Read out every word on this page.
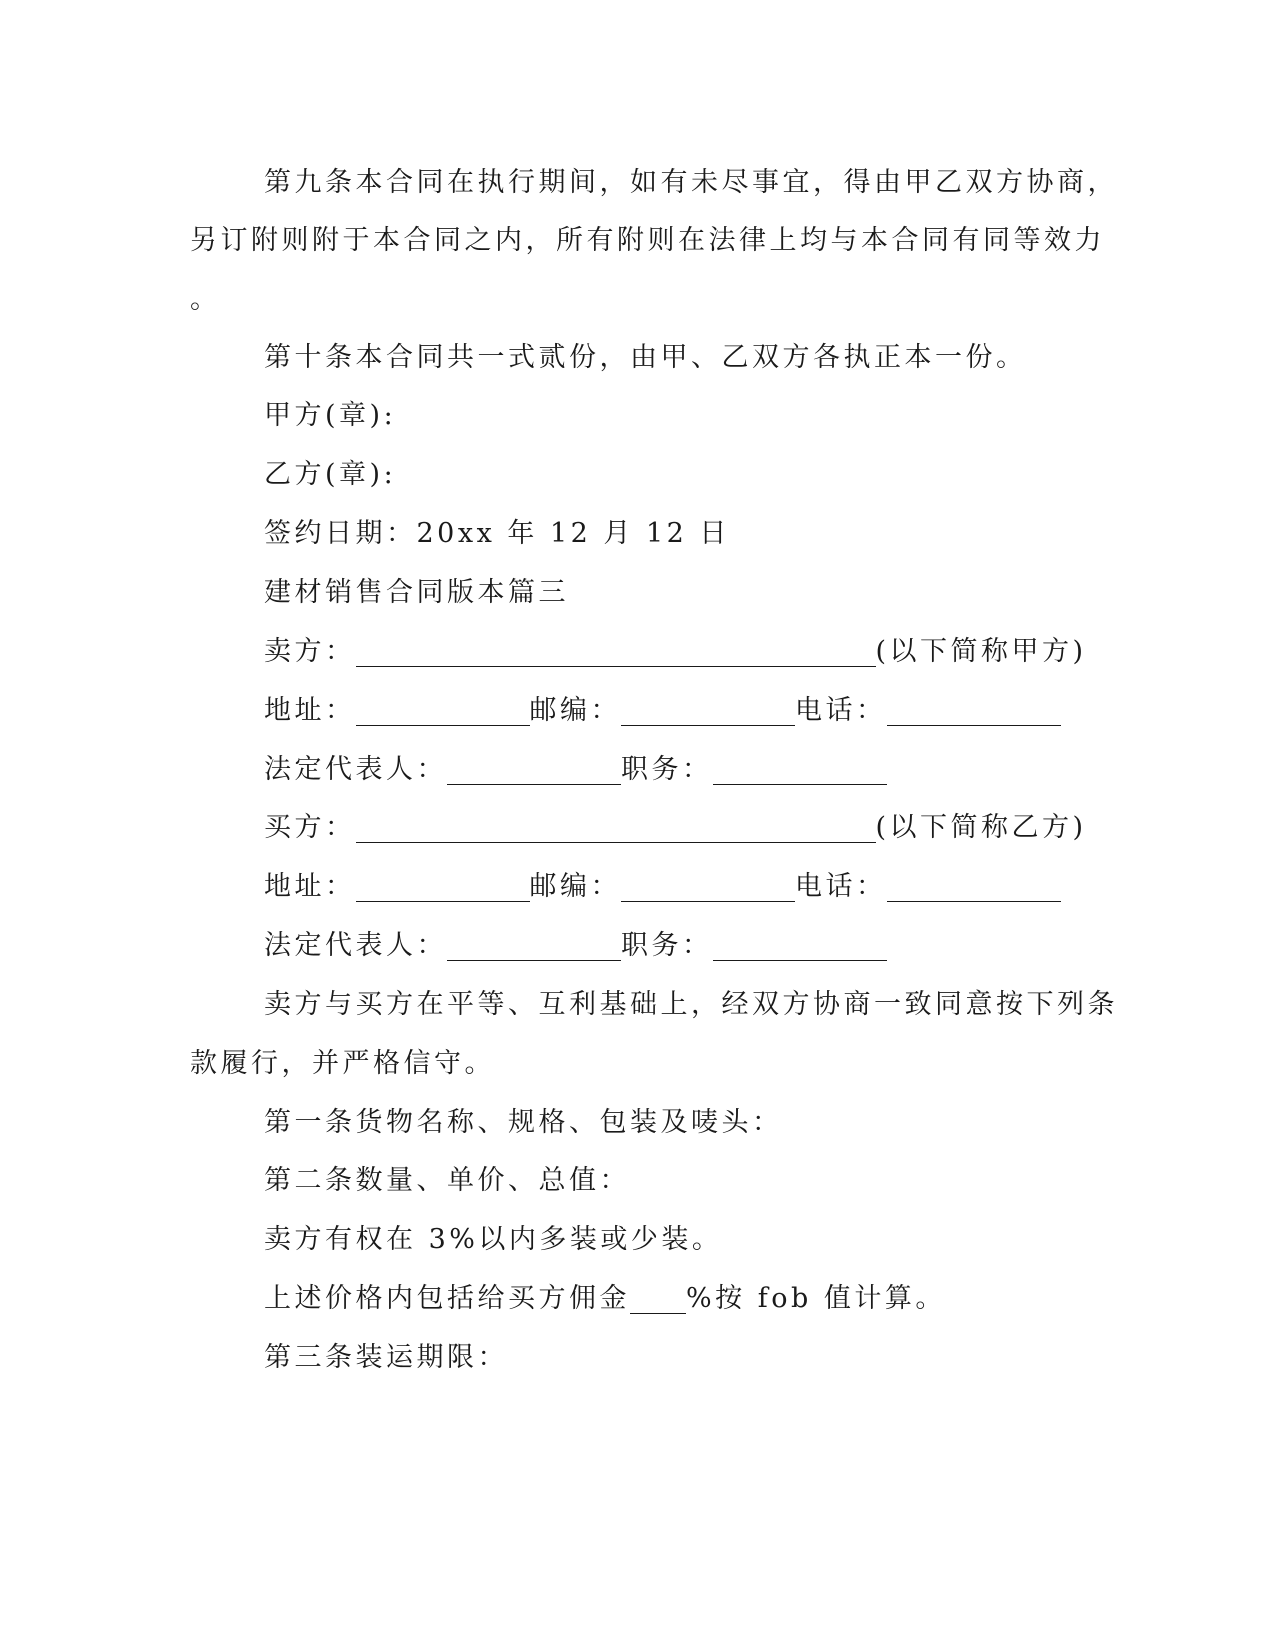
第九条本合同在执行期间，如有未尽事宜，得由甲乙双方协商，
另订附则附于本合同之内，所有附则在法律上均与本合同有同等效力
。
第十条本合同共一式贰份，由甲、乙双方各执正本一份。
甲方(章):
乙方(章):
签约日期：20xx 年 12 月 12 日
建材销售合同版本篇三
卖方：	(以下简称甲方)
地址：	邮编：	电话：
法定代表人：	职务：
买方：	(以下简称乙方)
地址：	邮编：	电话：
法定代表人：	职务：
卖方与买方在平等、互利基础上，经双方协商一致同意按下列条
款履行，并严格信守。
第一条货物名称、规格、包装及唛头：
第二条数量、单价、总值：
卖方有权在 3%以内多装或少装。
上述价格内包括给买方佣金 %按 fob 值计算。
第三条装运期限：
